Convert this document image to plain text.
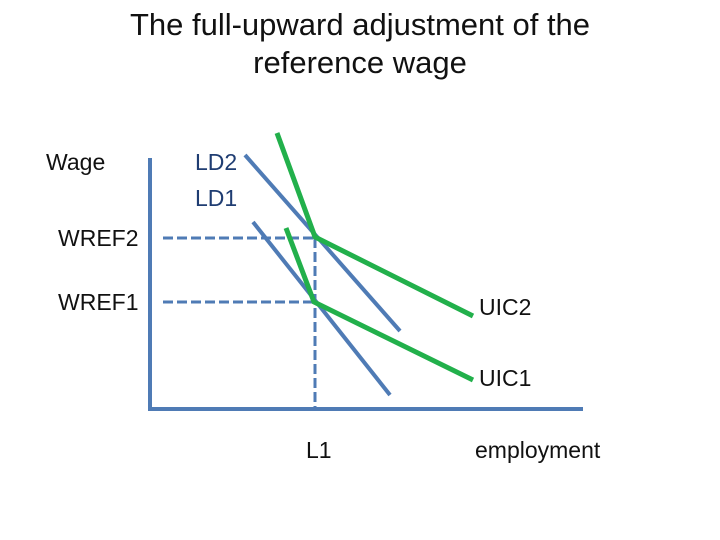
The full-upward adjustment of the
reference wage
Wage
WREF2
WREF1
LD2
LD1
UIC2
UIC1
L1	employment
